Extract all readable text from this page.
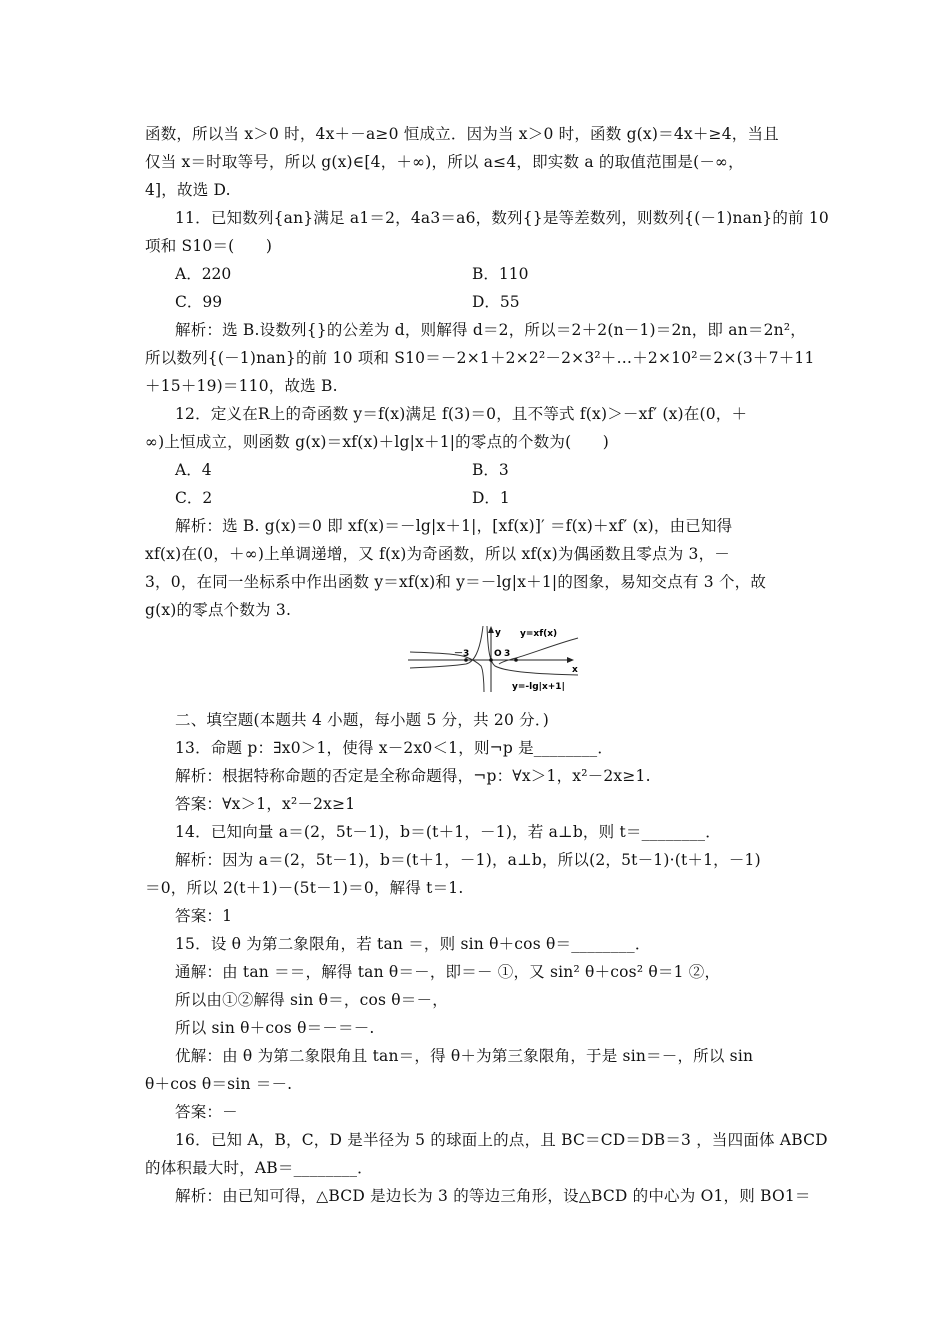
函数，所以当 x＞0 时，4x＋－a≥0 恒成立．因为当 x＞0 时，函数 g(x)＝4x＋≥4，当且
仅当 x＝时取等号，所以 g(x)∈[4，＋∞)，所以 a≤4，即实数 a 的取值范围是(－∞，
4]，故选 D.
11．已知数列{an}满足 a1＝2，4a3＝a6，数列{}是等差数列，则数列{(－1)nan}的前 10
项和 S10＝(　　)
A．220	B．110
C．99	D．55
解析：选 B.设数列{}的公差为 d，则解得 d＝2，所以＝2＋2(n－1)＝2n，即 an＝2n²，
所以数列{(－1)nan}的前 10 项和 S10＝－2×1＋2×2²－2×3²＋…＋2×10²＝2×(3＋7＋11
＋15＋19)＝110，故选 B.
12．定义在R上的奇函数 y＝f(x)满足 f(3)＝0，且不等式 f(x)＞－xf′ (x)在(0，＋
∞)上恒成立，则函数 g(x)＝xf(x)＋lg|x＋1|的零点的个数为(　　)
A．4	B．3
C．2	D．1
解析：选 B. g(x)＝0 即 xf(x)＝－lg|x＋1|，[xf(x)]′ ＝f(x)＋xf′ (x)，由已知得
xf(x)在(0，＋∞)上单调递增，又 f(x)为奇函数，所以 xf(x)为偶函数且零点为 3，－
3，0，在同一坐标系中作出函数 y＝xf(x)和 y＝－lg|x＋1|的图象，易知交点有 3 个，故
g(x)的零点个数为 3.
y
x
－3	O 3
y=xf(x)
y=-lg|x+1|
二、填空题(本题共 4 小题，每小题 5 分，共 20 分．)
13．命题 p：∃x0＞1，使得 x－2x0＜1，则¬p 是________．
解析：根据特称命题的否定是全称命题得，¬p：∀x＞1，x²－2x≥1.
答案：∀x＞1，x²－2x≥1
14．已知向量 a＝(2，5t－1)，b＝(t＋1，－1)，若 a⊥b，则 t＝________．
解析：因为 a＝(2，5t－1)，b＝(t＋1，－1)，a⊥b，所以(2，5t－1)·(t＋1，－1)
＝0，所以 2(t＋1)－(5t－1)＝0，解得 t＝1.
答案：1
15．设 θ 为第二象限角，若 tan ＝，则 sin θ＋cos θ＝________．
通解：由 tan ＝＝，解得 tan θ＝－，即＝－ ①，又 sin² θ＋cos² θ＝1 ②，
所以由①②解得 sin θ＝，cos θ＝－，
所以 sin θ＋cos θ＝－＝－.
优解：由 θ 为第二象限角且 tan＝，得 θ＋为第三象限角，于是 sin＝－，所以 sin
θ＋cos θ＝sin ＝－.
答案：－
16．已知 A，B，C，D 是半径为 5 的球面上的点，且 BC＝CD＝DB＝3 ，当四面体 ABCD
的体积最大时，AB＝________．
解析：由已知可得，△BCD 是边长为 3 的等边三角形，设△BCD 的中心为 O1，则 BO1＝
